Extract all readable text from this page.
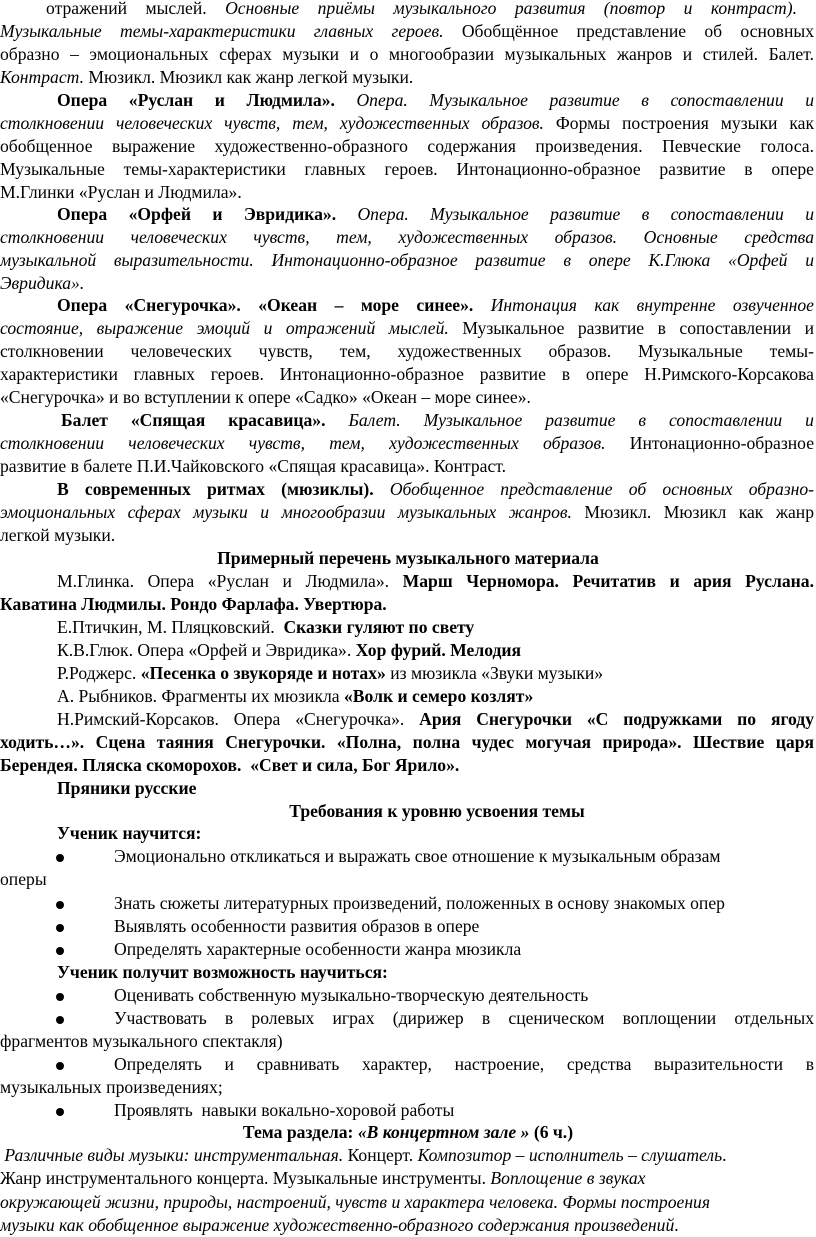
отражений мыслей. Основные приёмы музыкального развития (повтор и контраст).
Музыкальные темы-характеристики главных героев. Обобщённое представление об основных
образно – эмоциональных сферах музыки и о многообразии музыкальных жанров и стилей. Балет.
Контраст. Мюзикл. Мюзикл как жанр легкой музыки.
Опера «Руслан и Людмила». Опера. Музыкальное развитие в сопоставлении и
столкновении человеческих чувств, тем, художественных образов. Формы построения музыки как
обобщенное выражение художественно-образного содержания произведения. Певческие голоса.
Музыкальные темы-характеристики главных героев. Интонационно-образное развитие в опере
М.Глинки «Руслан и Людмила».
Опера «Орфей и Эвридика». Опера. Музыкальное развитие в сопоставлении и
столкновении человеческих чувств, тем, художественных образов. Основные средства
музыкальной выразительности. Интонационно-образное развитие в опере К.Глюка «Орфей и
Эвридика».
Опера «Снегурочка». «Океан – море синее». Интонация как внутренне озвученное
состояние, выражение эмоций и отражений мыслей. Музыкальное развитие в сопоставлении и
столкновении человеческих чувств, тем, художественных образов. Музыкальные темы-
характеристики главных героев. Интонационно-образное развитие в опере Н.Римского-Корсакова
«Снегурочка» и во вступлении к опере «Садко» «Океан – море синее».
Балет «Спящая красавица». Балет. Музыкальное развитие в сопоставлении и
столкновении человеческих чувств, тем, художественных образов. Интонационно-образное
развитие в балете П.И.Чайковского «Спящая красавица». Контраст.
В современных ритмах (мюзиклы). Обобщенное представление об основных образно-
эмоциональных сферах музыки и многообразии музыкальных жанров. Мюзикл. Мюзикл как жанр
легкой музыки.
Примерный перечень музыкального материала
М.Глинка. Опера «Руслан и Людмила». Марш Черномора. Речитатив и ария Руслана.
Каватина Людмилы. Рондо Фарлафа. Увертюра.
Е.Птичкин, М. Пляцковский.  Сказки гуляют по свету
К.В.Глюк. Опера «Орфей и Эвридика». Хор фурий. Мелодия
Р.Роджерс. «Песенка о звукоряде и нотах» из мюзикла «Звуки музыки»
А. Рыбников. Фрагменты их мюзикла «Волк и семеро козлят»
Н.Римский-Корсаков. Опера «Снегурочка». Ария Снегурочки «С подружками по ягоду
ходить…». Сцена таяния Снегурочки. «Полна, полна чудес могучая природа». Шествие царя
Берендея. Пляска скоморохов.  «Свет и сила, Бог Ярило».
Пряники русские
Требования к уровню усвоения темы
Ученик научится:
Эмоционально откликаться и выражать свое отношение к музыкальным образам
оперы
Знать сюжеты литературных произведений, положенных в основу знакомых опер
Выявлять особенности развития образов в опере
Определять характерные особенности жанра мюзикла
Ученик получит возможность научиться:
Оценивать собственную музыкально-творческую деятельность
Участвовать в ролевых играх (дирижер в сценическом воплощении отдельных
фрагментов музыкального спектакля)
Определять и сравнивать характер, настроение, средства выразительности в
музыкальных произведениях;
Проявлять  навыки вокально-хоровой работы
Тема раздела: «В концертном зале » (6 ч.)
Различные виды музыки: инструментальная. Концерт. Композитор – исполнитель – слушатель.
Жанр инструментального концерта. Музыкальные инструменты. Воплощение в звуках
окружающей жизни, природы, настроений, чувств и характера человека. Формы построения
музыки как обобщенное выражение художественно-образного содержания произведений.
